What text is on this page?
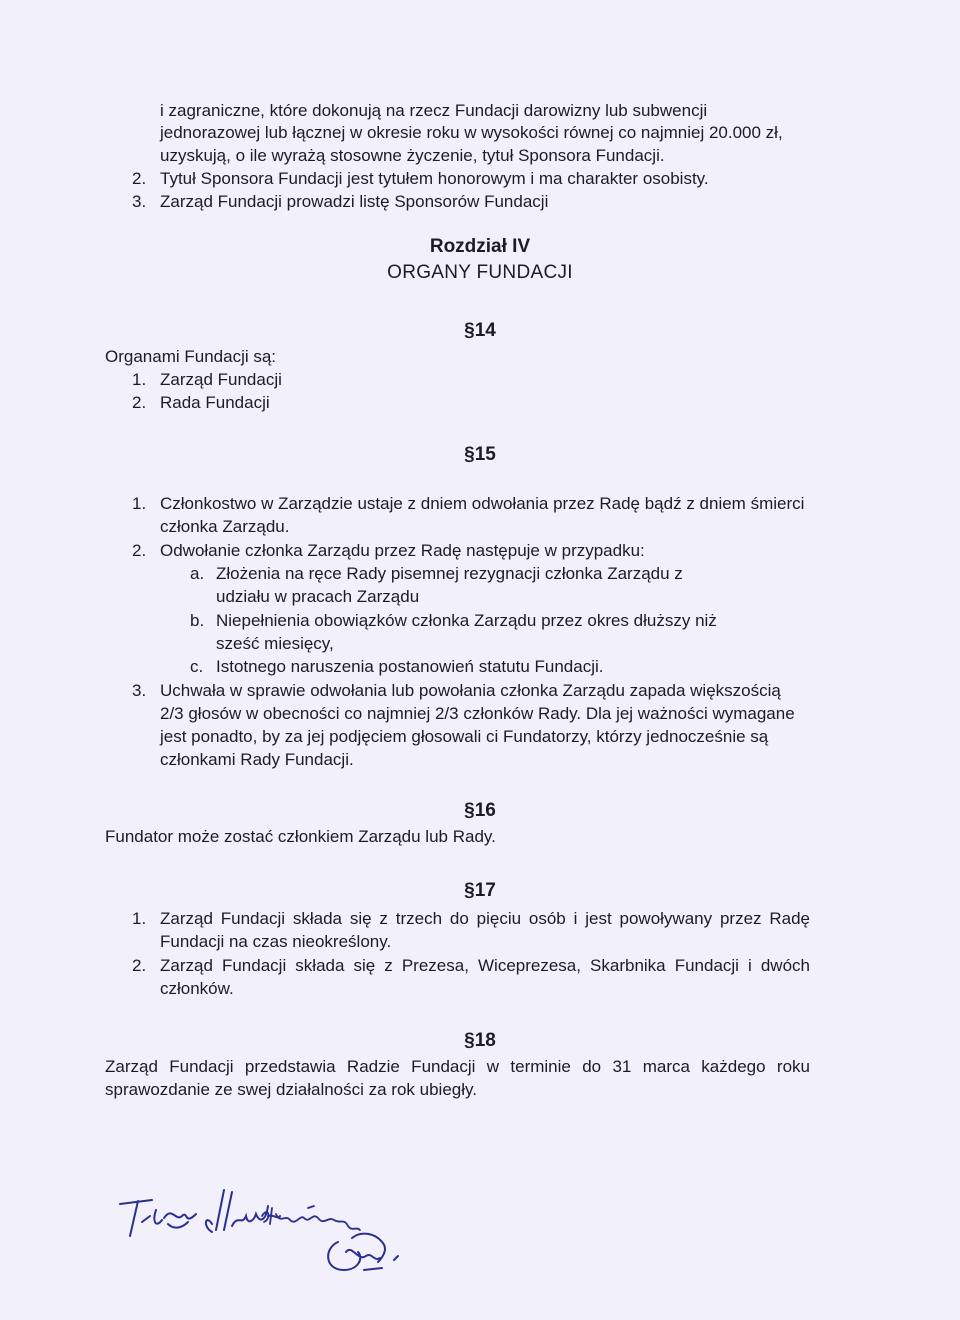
i zagraniczne, które dokonują na rzecz Fundacji darowizny lub subwencji
jednorazowej lub łącznej w okresie roku w wysokości równej co najmniej 20.000 zł,
uzyskują, o ile wyrażą stosowne życzenie, tytuł Sponsora Fundacji.
2. Tytuł Sponsora Fundacji jest tytułem honorowym i ma charakter osobisty.
3. Zarząd Fundacji prowadzi listę Sponsorów Fundacji
Rozdział IV
ORGANY FUNDACJI
§14
Organami Fundacji są:
1. Zarząd Fundacji
2. Rada Fundacji
§15
1. Członkostwo w Zarządzie ustaje z dniem odwołania przez Radę bądź z dniem śmierci
członka Zarządu.
2. Odwołanie członka Zarządu przez Radę następuje w przypadku:
a. Złożenia na ręce Rady pisemnej rezygnacji członka Zarządu z
udziału w pracach Zarządu
b. Niepełnienia obowiązków członka Zarządu przez okres dłuższy niż
sześć miesięcy,
c. Istotnego naruszenia postanowień statutu Fundacji.
3. Uchwała w sprawie odwołania lub powołania członka Zarządu zapada większością
2/3 głosów w obecności co najmniej 2/3 członków Rady. Dla jej ważności wymagane
jest ponadto, by za jej podjęciem głosowali ci Fundatorzy, którzy jednocześnie są
członkami Rady Fundacji.
§16
Fundator może zostać członkiem Zarządu lub Rady.
§17
1. Zarząd Fundacji składa się z trzech do pięciu osób i jest powoływany przez Radę
Fundacji na czas nieokreślony.
2. Zarząd Fundacji składa się z Prezesa, Wiceprezesa, Skarbnika Fundacji i dwóch
członków.
§18
Zarząd Fundacji przedstawia Radzie Fundacji w terminie do 31 marca każdego roku
sprawozdanie ze swej działalności za rok ubiegły.
